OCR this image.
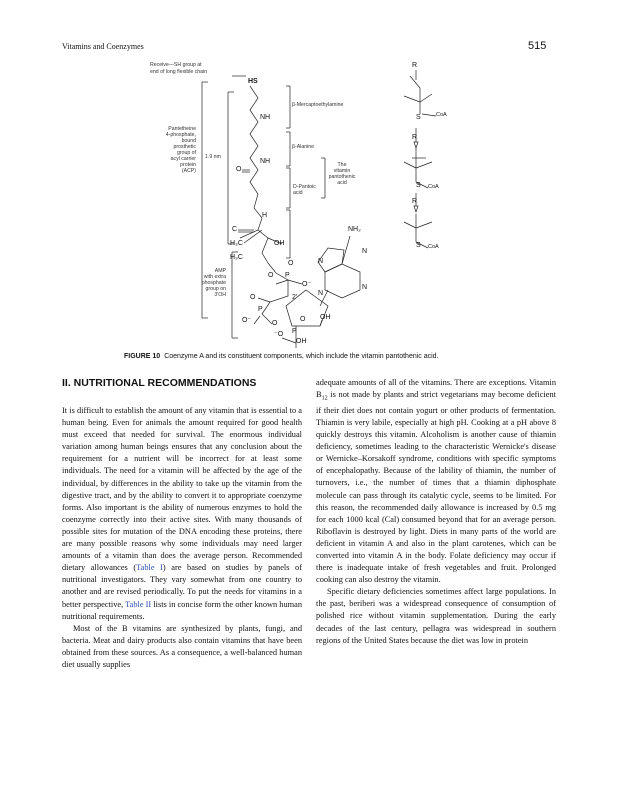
Vitamins and Coenzymes	515
Receive—SH group at
end of long flexible chain
β-Mercaptoethylamine
β-Alanine
Pantetheine
4-phosphate,
bound
prosthetic
group of
acyl carrier
protein
(ACP)
1.9 nm
The
vitamin
pantothenic
acid
D-Pantoic
acid
AMP
with extra
phosphate
group on
3'OH
HS
NH
O
NH
C
H
H₃C
H₃C
OH
O P
O
O⁻
O
P
O⁻	O
NH₂
N
N
N
N
O
P
⁻O
OH
OH
2'
R
R
R
S
S
S
CoA
CoA
CoA
FIGURE 10 Coenzyme A and its constituent components, which include the vitamin pantothenic acid.
II. NUTRITIONAL RECOMMENDATIONS

It is difficult to establish the amount of any vitamin that is essential to a human being. Even for animals the amount required for good health must exceed that needed for survival. The enormous individual variation among human beings ensures that any conclusion about the requirement for a nutrient will be incorrect for at least some individuals. The need for a vitamin will be affected by the age of the individual, by differences in the ability to take up the vitamin from the digestive tract, and by the ability to convert it to appropriate coenzyme forms. Also important is the ability of numerous enzymes to hold the coenzyme correctly into their active sites. With many thousands of possible sites for mutation of the DNA encoding these proteins, there are many possible reasons why some individuals may need larger amounts of a vitamin than does the average person. Recommended dietary allowances (Table I) are based on studies by panels of nutritional investigators. They vary somewhat from one country to another and are revised periodically. To put the needs for vitamins in a better perspective, Table II lists in concise form the other known human nutritional requirements.

Most of the B vitamins are synthesized by plants, fungi, and bacteria. Meat and dairy products also contain vitamins that have been obtained from these sources. As a consequence, a well-balanced human diet usually supplies

adequate amounts of all of the vitamins. There are exceptions. Vitamin $B_{12}$ is not made by plants and strict vegetarians may become deficient if their diet does not contain yogurt or other products of fermentation. Thiamin is very labile, especially at high pH. Cooking at a pH above 8 quickly destroys this vitamin. Alcoholism is another cause of thiamin deficiency, sometimes leading to the characteristic Wernicke's disease or Wernicke–Korsakoff syndrome, conditions with specific symptoms of encephalopathy. Because of the lability of thiamin, the number of turnovers, i.e., the number of times that a thiamin diphosphate molecule can pass through its catalytic cycle, seems to be limited. For this reason, the recommended daily allowance is increased by 0.5 mg for each 1000 kcal (Cal) consumed beyond that for an average person. Riboflavin is destroyed by light. Diets in many parts of the world are deficient in vitamin A and also in the plant carotenes, which can be converted into vitamin A in the body. Folate deficiency may occur if there is inadequate intake of fresh vegetables and fruit. Prolonged cooking can also destroy the vitamin.

Specific dietary deficiencies sometimes affect large populations. In the past, beriberi was a widespread consequence of consumption of polished rice without vitamin supplementation. During the early decades of the last century, pellagra was widespread in southern regions of the United States because the diet was low in protein
